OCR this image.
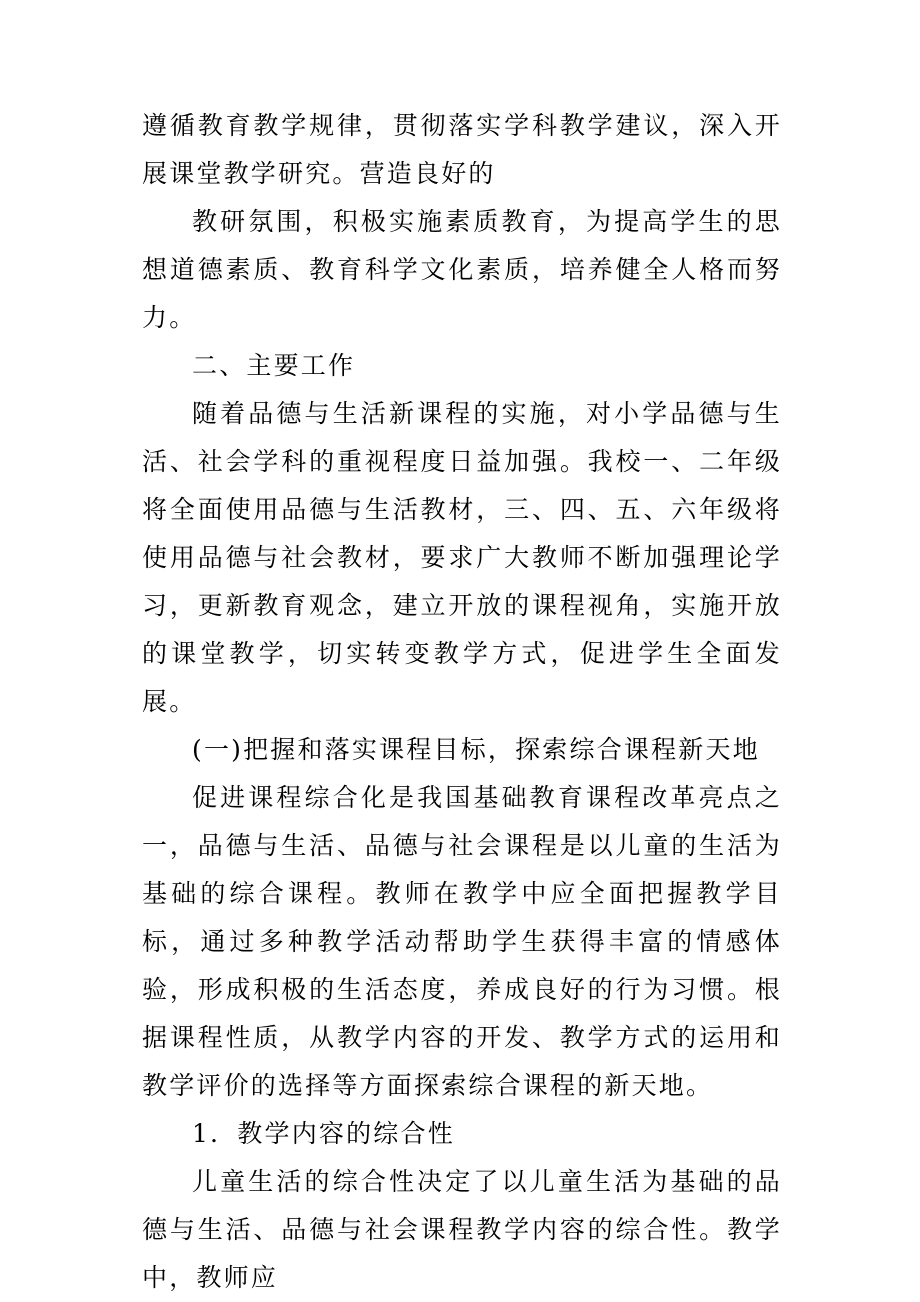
遵循教育教学规律，贯彻落实学科教学建议，深入开展课堂教学研究。营造良好的

教研氛围，积极实施素质教育，为提高学生的思想道德素质、教育科学文化素质，培养健全人格而努力。

二、主要工作

随着品德与生活新课程的实施，对小学品德与生活、社会学科的重视程度日益加强。我校一、二年级将全面使用品德与生活教材，三、四、五、六年级将使用品德与社会教材，要求广大教师不断加强理论学习，更新教育观念，建立开放的课程视角，实施开放的课堂教学，切实转变教学方式，促进学生全面发展。

(一)把握和落实课程目标，探索综合课程新天地

促进课程综合化是我国基础教育课程改革亮点之一，品德与生活、品德与社会课程是以儿童的生活为基础的综合课程。教师在教学中应全面把握教学目标，通过多种教学活动帮助学生获得丰富的情感体验，形成积极的生活态度，养成良好的行为习惯。根据课程性质，从教学内容的开发、教学方式的运用和教学评价的选择等方面探索综合课程的新天地。

1．教学内容的综合性

儿童生活的综合性决定了以儿童生活为基础的品德与生活、品德与社会课程教学内容的综合性。教学中，教师应
